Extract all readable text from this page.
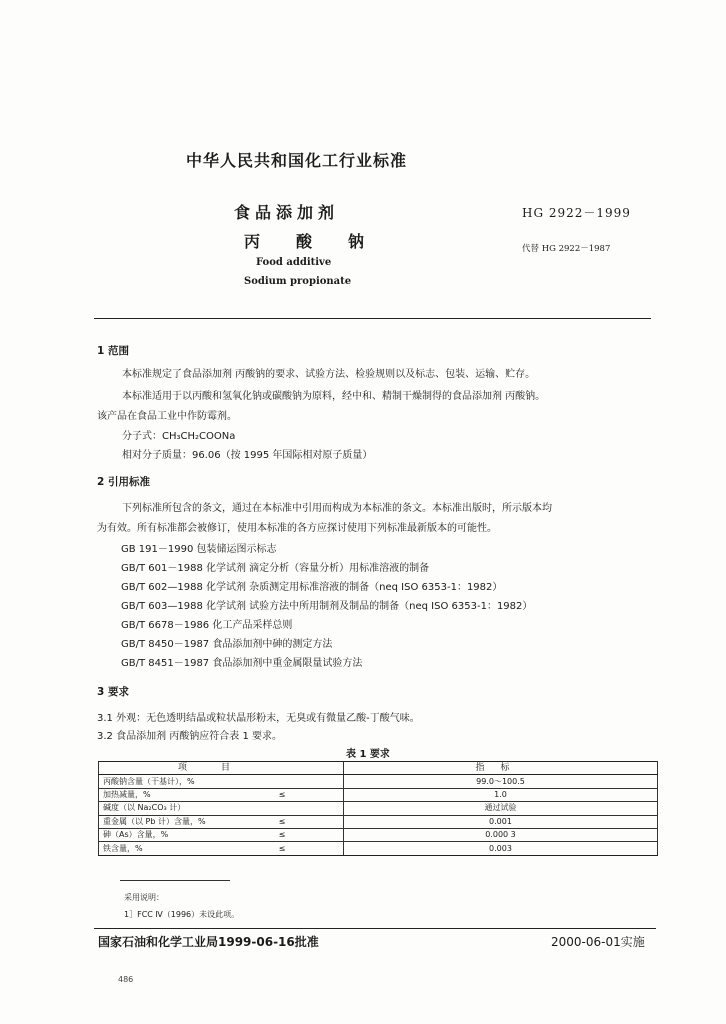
中华人民共和国化工行业标准
食品添加剂
丙 酸 钠
Food additive
Sodium propionate
HG 2922－1999
代替 HG 2922－1987
1 范围
本标准规定了食品添加剂 丙酸钠的要求、试验方法、检验规则以及标志、包装、运输、贮存。
本标准适用于以丙酸和氢氧化钠或碳酸钠为原料，经中和、精制干燥制得的食品添加剂 丙酸钠。
该产品在食品工业中作防霉剂。
分子式：CH₃CH₂COONa
相对分子质量：96.06（按 1995 年国际相对原子质量）
2 引用标准
下列标准所包含的条文，通过在本标准中引用而构成为本标准的条文。本标准出版时，所示版本均
为有效。所有标准都会被修订，使用本标准的各方应探讨使用下列标准最新版本的可能性。
GB 191－1990 包装储运图示标志
GB/T 601－1988 化学试剂 滴定分析（容量分析）用标准溶液的制备
GB/T 602—1988 化学试剂 杂质测定用标准溶液的制备（neq ISO 6353-1：1982）
GB/T 603—1988 化学试剂 试验方法中所用制剂及制品的制备（neq ISO 6353-1：1982）
GB/T 6678－1986 化工产品采样总则
GB/T 8450－1987 食品添加剂中砷的测定方法
GB/T 8451－1987 食品添加剂中重金属限量试验方法
3 要求
3.1 外观：无色透明结晶或粒状晶形粉末，无臭或有微量乙酸-丁酸气味。
3.2 食品添加剂 丙酸钠应符合表 1 要求。
表 1 要求
项目		指标
丙酸钠含量（干基计），%		99.0～100.5
加热减量，%	≤	1.0
碱度（以 Na₂CO₃ 计）		通过试验
重金属（以 Pb 计）含量，%	≤	0.001
砷（As）含量，%	≤	0.000 3
铁含量，%	≤	0.003
采用说明：
1］FCC Ⅳ（1996）未设此项。
国家石油和化学工业局1999-06-16批准	2000-06-01实施
486
